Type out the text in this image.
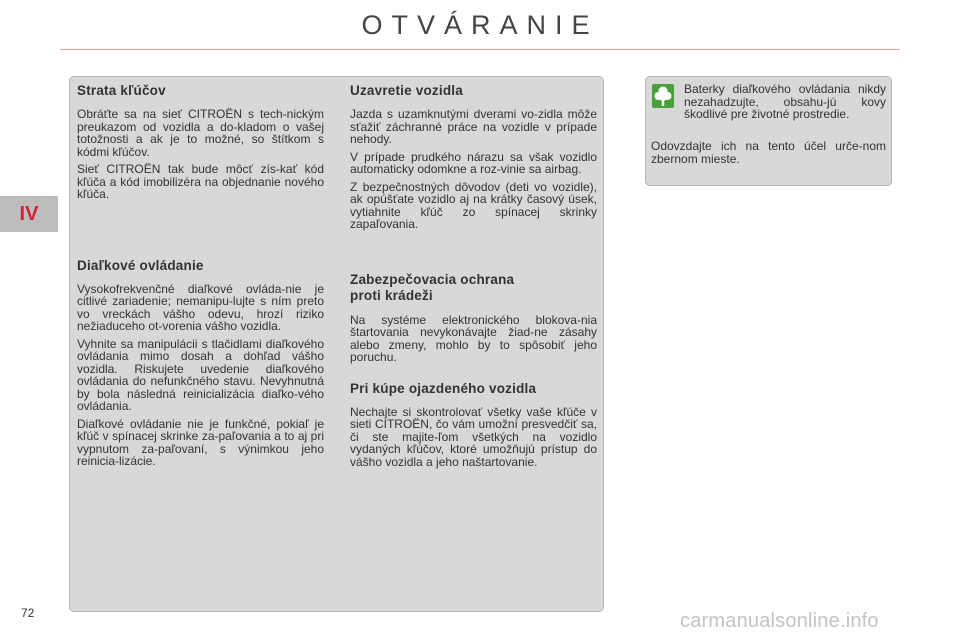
OTVÁRANIE
IV
Strata kľúčov

Obráťte sa na sieť CITROËN s tech-nickým preukazom od vozidla a do-kladom o vašej totožnosti a ak je to možné, so štítkom s kódmi kľúčov.

Sieť CITROËN tak bude môcť zís-kať kód kľúča a kód imobilizéra na objednanie nového kľúča.

Diaľkové ovládanie

Vysokofrekvenčné diaľkové ovláda-nie je citlivé zariadenie; nemanipu-lujte s ním preto vo vreckách vášho odevu, hrozí riziko nežiaduceho ot-vorenia vášho vozidla.

Vyhnite sa manipulácii s tlačidlami diaľkového ovládania mimo dosah a dohľad vášho vozidla. Riskujete uvedenie diaľkového ovládania do nefunkčného stavu. Nevyhnutná by bola následná reinicializácia diaľko-vého ovládania.

Diaľkové ovládanie nie je funkčné, pokiaľ je kľúč v spínacej skrinke za-paľovania a to aj pri vypnutom za-paľovaní, s výnimkou jeho reinicia-lizácie.

Uzavretie vozidla

Jazda s uzamknutými dverami vo-zidla môže sťažiť záchranné práce na vozidle v prípade nehody.

V prípade prudkého nárazu sa však vozidlo automaticky odomkne a roz-vinie sa airbag.

Z bezpečnostných dôvodov (deti vo vozidle), ak opúšťate vozidlo aj na krátky časový úsek, vytiahnite kľúč zo spínacej skrinky zapaľovania.

Zabezpečovacia ochrana
proti krádeži

Na systéme elektronického blokova-nia štartovania nevykonávajte žiad-ne zásahy alebo zmeny, mohlo by to spôsobiť jeho poruchu.

Pri kúpe ojazdeného vozidla

Nechajte si skontrolovať všetky vaše kľúče v sieti CITROËN, čo vám umožní presvedčiť sa, či ste majite-ľom všetkých na vozidlo vydaných kľúčov, ktoré umožňujú prístup do vášho vozidla a jeho naštartovanie.

Baterky diaľkového ovládania nikdy nezahadzujte, obsahu-jú kovy škodlivé pre životné prostredie.

Odovzdajte ich na tento účel urče-nom zbernom mieste.

72	carmanualsonline.info
